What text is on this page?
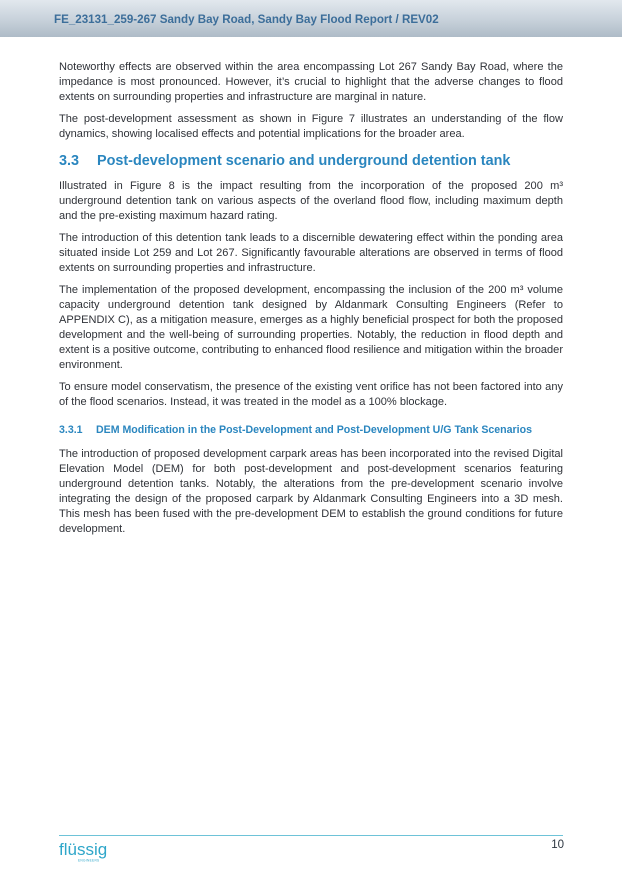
FE_23131_259-267 Sandy Bay Road, Sandy Bay Flood Report / REV02

Noteworthy effects are observed within the area encompassing Lot 267 Sandy Bay Road, where the impedance is most pronounced. However, it’s crucial to highlight that the adverse changes to flood extents on surrounding properties and infrastructure are marginal in nature.

The post-development assessment as shown in Figure 7 illustrates an understanding of the flow dynamics, showing localised effects and potential implications for the broader area.

3.3 Post-development scenario and underground detention tank

Illustrated in Figure 8 is the impact resulting from the incorporation of the proposed 200 m³ underground detention tank on various aspects of the overland flood flow, including maximum depth and the pre-existing maximum hazard rating.

The introduction of this detention tank leads to a discernible dewatering effect within the ponding area situated inside Lot 259 and Lot 267. Significantly favourable alterations are observed in terms of flood extents on surrounding properties and infrastructure.

The implementation of the proposed development, encompassing the inclusion of the 200 m³ volume capacity underground detention tank designed by Aldanmark Consulting Engineers (Refer to APPENDIX C), as a mitigation measure, emerges as a highly beneficial prospect for both the proposed development and the well-being of surrounding properties. Notably, the reduction in flood depth and extent is a positive outcome, contributing to enhanced flood resilience and mitigation within the broader environment.

To ensure model conservatism, the presence of the existing vent orifice has not been factored into any of the flood scenarios. Instead, it was treated in the model as a 100% blockage.

3.3.1 DEM Modification in the Post-Development and Post-Development U/G Tank Scenarios

The introduction of proposed development carpark areas has been incorporated into the revised Digital Elevation Model (DEM) for both post-development and post-development scenarios featuring underground detention tanks. Notably, the alterations from the pre-development scenario involve integrating the design of the proposed carpark by Aldanmark Consulting Engineers into a 3D mesh. This mesh has been fused with the pre-development DEM to establish the ground conditions for future development.

flüssig
ENGINEERS
10
